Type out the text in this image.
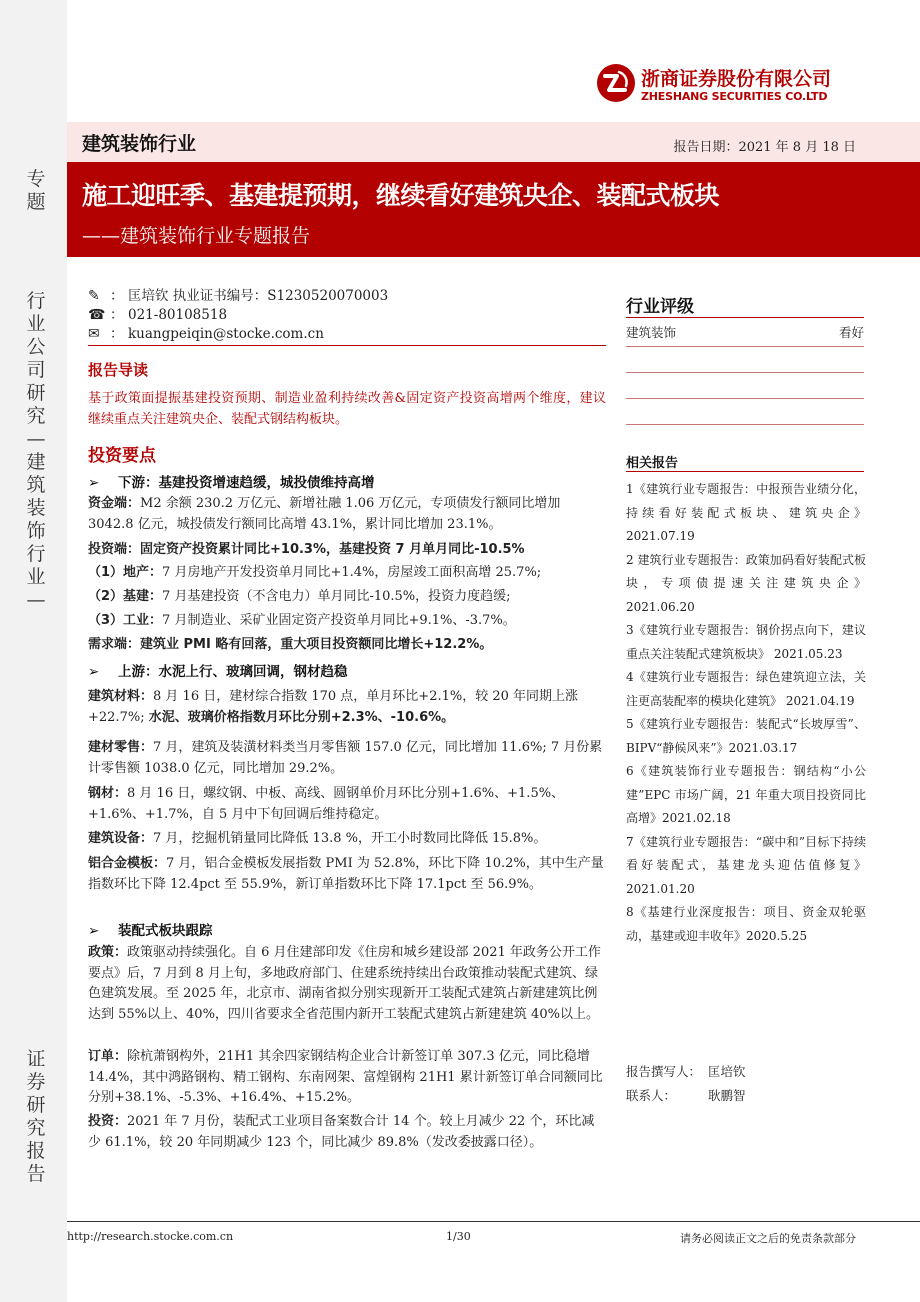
专题
行业公司研究—建筑装饰行业—
证券研究报告
浙商证券股份有限公司
ZHESHANG SECURITIES CO.LTD
建筑装饰行业	报告日期：2021 年 8 月 18 日
施工迎旺季、基建提预期，继续看好建筑央企、装配式板块
——建筑装饰行业专题报告
✎ ： 匡培钦 执业证书编号：S1230520070003
☎ ： 021-80108518
✉ ： kuangpeiqin@stocke.com.cn
报告导读
基于政策面提振基建投资预期、制造业盈利持续改善&固定资产投资高增两个维度，建议继续重点关注建筑央企、装配式钢结构板块。
投资要点
➢ 下游：基建投资增速趋缓，城投债维持高增
资金端：M2 余额 230.2 万亿元、新增社融 1.06 万亿元，专项债发行额同比增加 3042.8 亿元，城投债发行额同比高增 43.1%，累计同比增加 23.1%。
投资端：固定资产投资累计同比+10.3%，基建投资 7 月单月同比-10.5%
（1）地产：7 月房地产开发投资单月同比+1.4%，房屋竣工面积高增 25.7%;
（2）基建：7 月基建投资（不含电力）单月同比-10.5%，投资力度趋缓;
（3）工业：7 月制造业、采矿业固定资产投资单月同比+9.1%、-3.7%。
需求端：建筑业 PMI 略有回落，重大项目投资额同比增长+12.2%。
➢ 上游：水泥上行、玻璃回调，钢材趋稳
建筑材料：8 月 16 日，建材综合指数 170 点，单月环比+2.1%，较 20 年同期上涨+22.7%; 水泥、玻璃价格指数月环比分别+2.3%、-10.6%。
建材零售：7 月，建筑及装潢材料类当月零售额 157.0 亿元，同比增加 11.6%; 7 月份累计零售额 1038.0 亿元，同比增加 29.2%。
钢材：8 月 16 日，螺纹钢、中板、高线、圆钢单价月环比分别+1.6%、+1.5%、+1.6%、+1.7%，自 5 月中下旬回调后维持稳定。
建筑设备：7 月，挖掘机销量同比降低 13.8 %，开工小时数同比降低 15.8%。
铝合金模板：7 月，铝合金模板发展指数 PMI 为 52.8%，环比下降 10.2%，其中生产量指数环比下降 12.4pct 至 55.9%，新订单指数环比下降 17.1pct 至 56.9%。
➢ 装配式板块跟踪
政策：政策驱动持续强化。自 6 月住建部印发《住房和城乡建设部 2021 年政务公开工作要点》后，7 月到 8 月上旬，多地政府部门、住建系统持续出台政策推动装配式建筑、绿色建筑发展。至 2025 年，北京市、湖南省拟分别实现新开工装配式建筑占新建建筑比例达到 55%以上、40%，四川省要求全省范围内新开工装配式建筑占新建建筑 40%以上。
订单：除杭萧钢构外，21H1 其余四家钢结构企业合计新签订单 307.3 亿元，同比稳增 14.4%，其中鸿路钢构、精工钢构、东南网架、富煌钢构 21H1 累计新签订单合同额同比分别+38.1%、-5.3%、+16.4%、+15.2%。
投资：2021 年 7 月份，装配式工业项目备案数合计 14 个。较上月减少 22 个，环比减少 61.1%，较 20 年同期减少 123 个，同比减少 89.8%（发改委披露口径）。
行业评级
建筑装饰	看好
相关报告
1《建筑行业专题报告：中报预告业绩分化，持续看好装配式板块、建筑央企》 2021.07.19
2 建筑行业专题报告：政策加码看好装配式板块，专项债提速关注建筑央企》 2021.06.20
3《建筑行业专题报告：钢价拐点向下，建议重点关注装配式建筑板块》 2021.05.23
4《建筑行业专题报告：绿色建筑迎立法，关注更高装配率的模块化建筑》 2021.04.19
5《建筑行业专题报告：装配式“长坡厚雪”、BIPV“静候风来”》2021.03.17
6《建筑装饰行业专题报告：钢结构“小公建”EPC 市场广阔，21 年重大项目投资同比高增》2021.02.18
7《建筑行业专题报告：“碳中和”目标下持续看好装配式，基建龙头迎估值修复》 2021.01.20
8《基建行业深度报告：项目、资金双轮驱动，基建或迎丰收年》2020.5.25
报告撰写人： 匡培钦
联系人：	耿鹏智
http://research.stocke.com.cn	1/30	请务必阅读正文之后的免责条款部分
